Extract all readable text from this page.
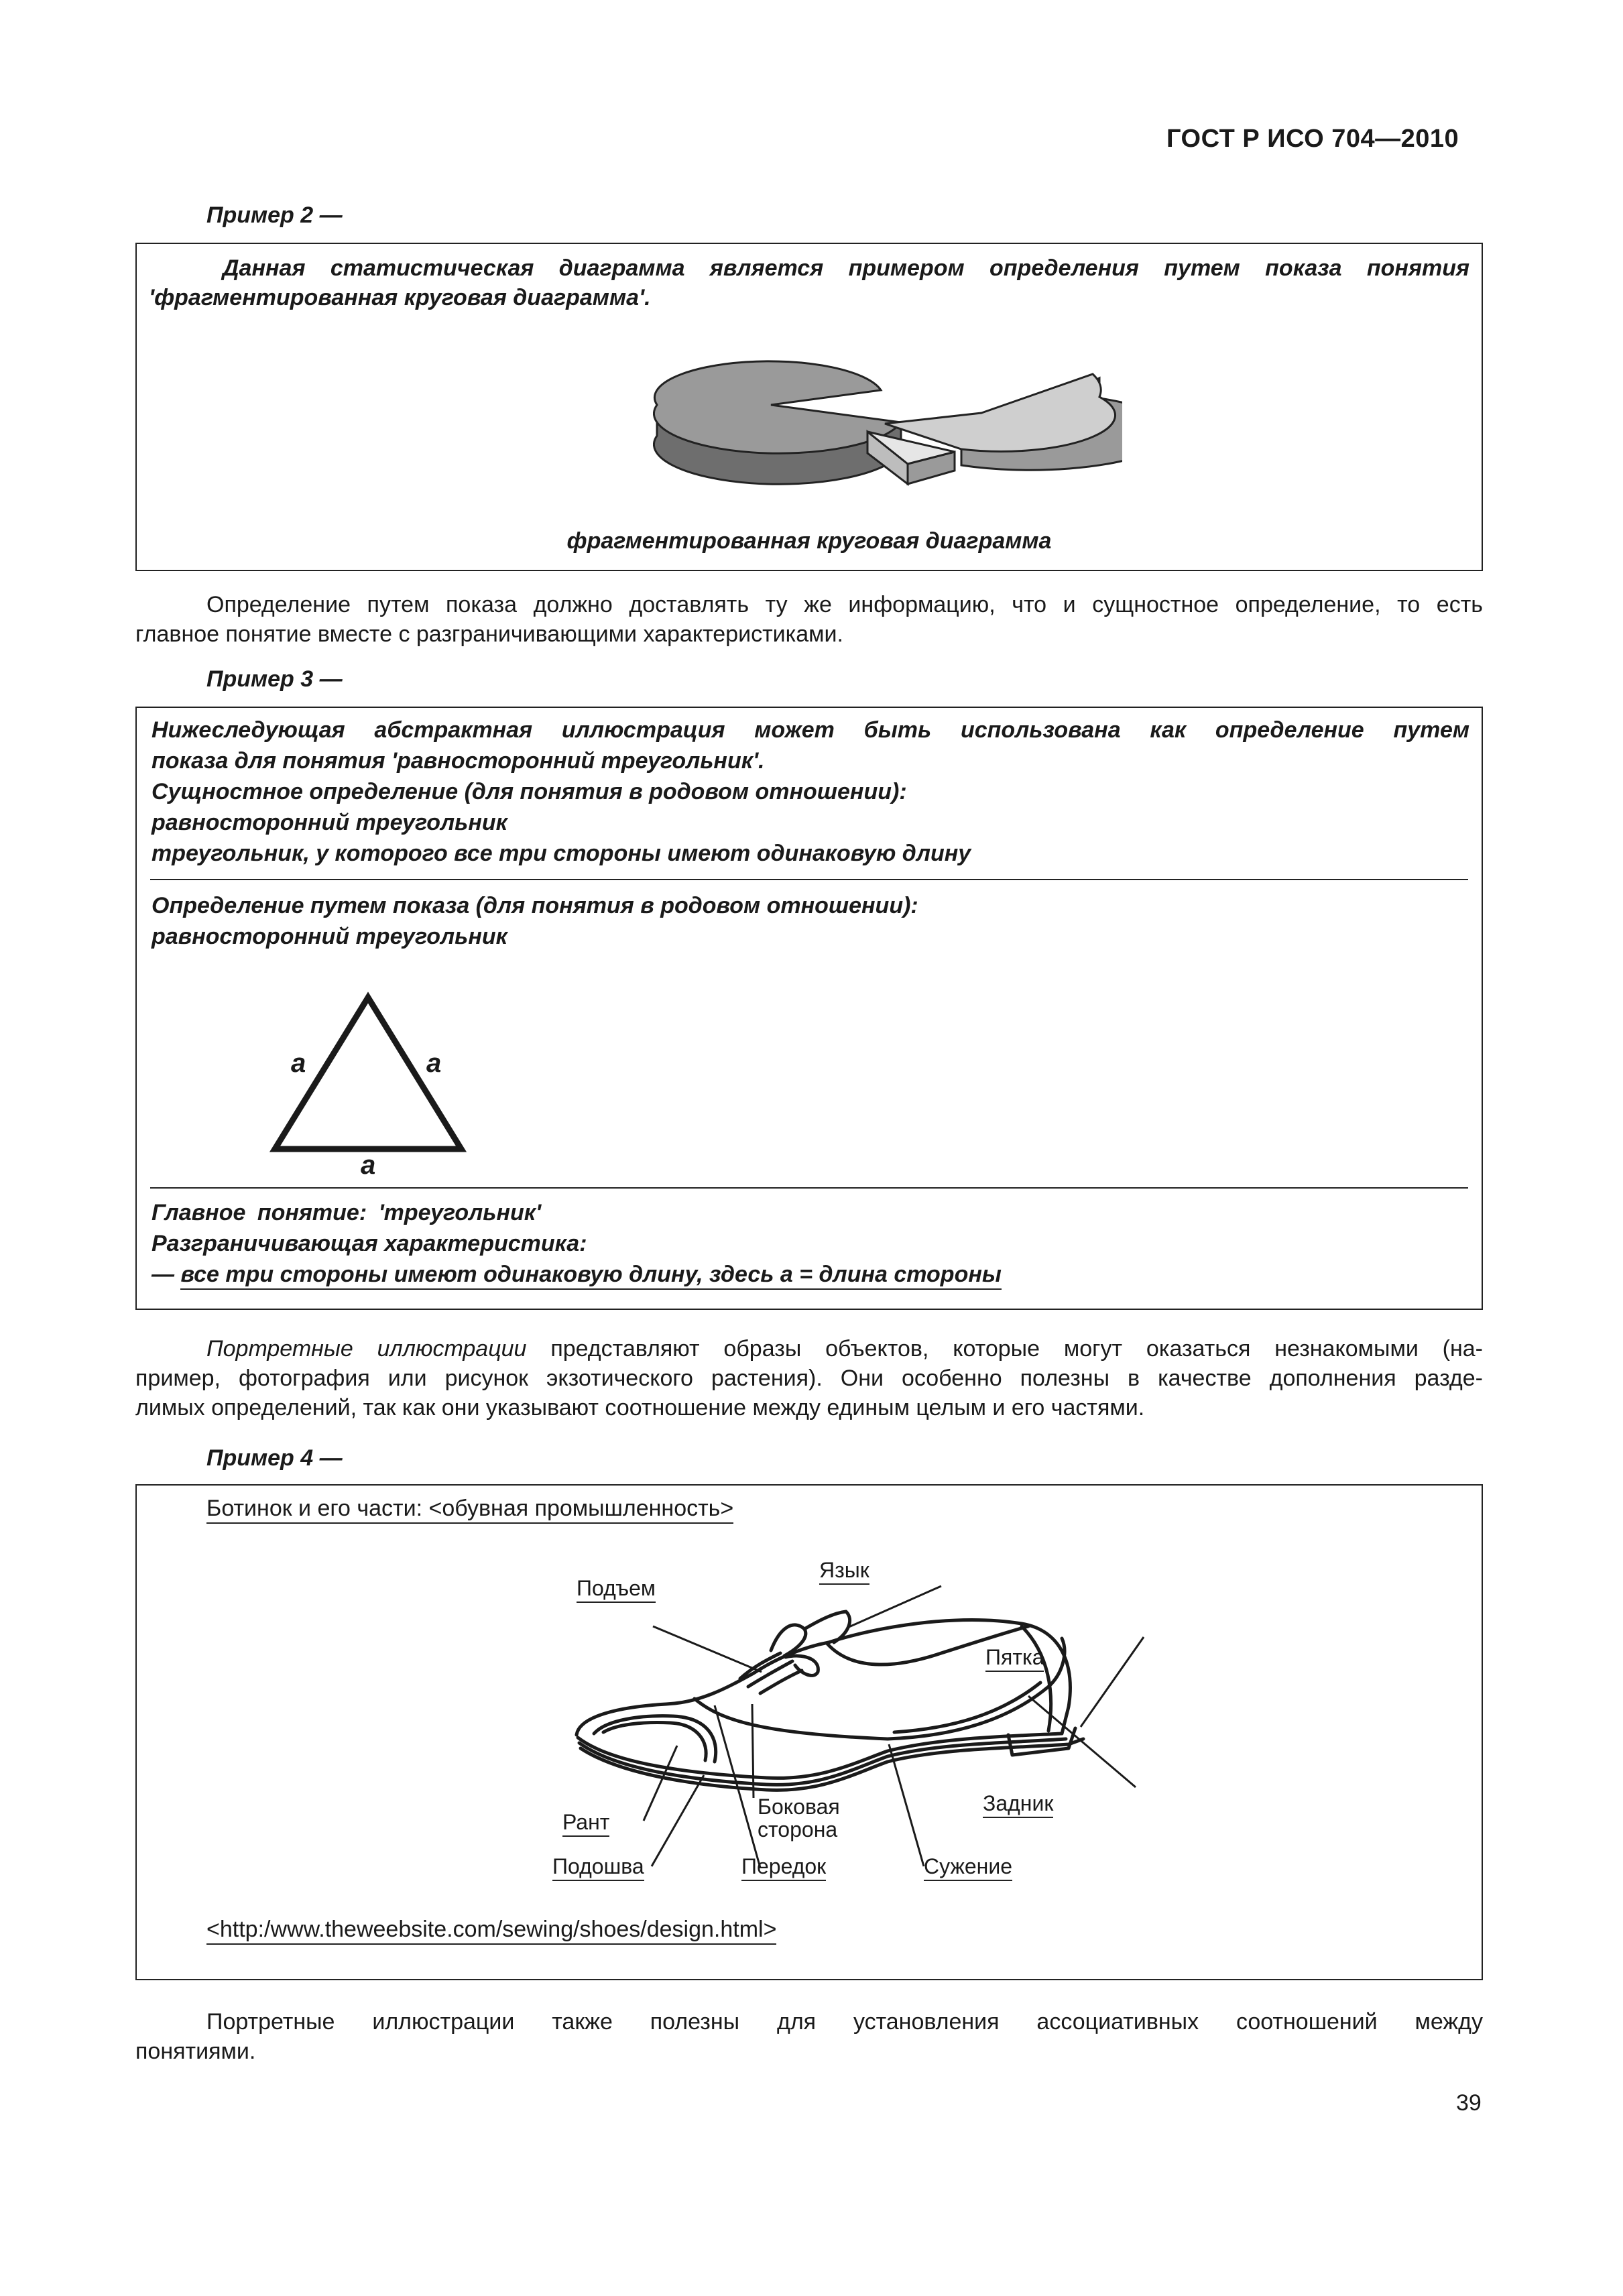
ГОСТ Р ИСО 704—2010
Пример 2 —
Данная статистическая диаграмма является примером определения путем показа понятия
'фрагментированная круговая диаграмма'.
фрагментированная круговая диаграмма
Определение путем показа должно доставлять ту же информацию, что и сущностное определение, то есть
главное понятие вместе с разграничивающими характеристиками.
Пример 3 —
Нижеследующая абстрактная иллюстрация может быть использована как определение путем
показа для понятия 'равносторонний треугольник'.
Сущностное определение (для понятия в родовом отношении):
равносторонний треугольник
треугольник, у которого все три стороны имеют одинаковую длину
Определение путем показа (для понятия в родовом отношении):
равносторонний треугольник
a	a
a
Главное понятие: 'треугольник'
Разграничивающая характеристика:
— все три стороны имеют одинаковую длину, здесь a = длина стороны
Портретные иллюстрации представляют образы объектов, которые могут оказаться незнакомыми (на-
пример, фотография или рисунок экзотического растения). Они особенно полезны в качестве дополнения разде-
лимых определений, так как они указывают соотношение между единым целым и его частями.
Пример 4 —
Ботинок и его части: <обувная промышленность>
Подъем
Язык
Пятка
Задник
Рант
Боковая
сторона
Подошва	Передок	Сужение
<http:/www.theweebsite.com/sewing/shoes/design.html>
Портретные иллюстрации также полезны для установления ассоциативных соотношений между
понятиями.
39
